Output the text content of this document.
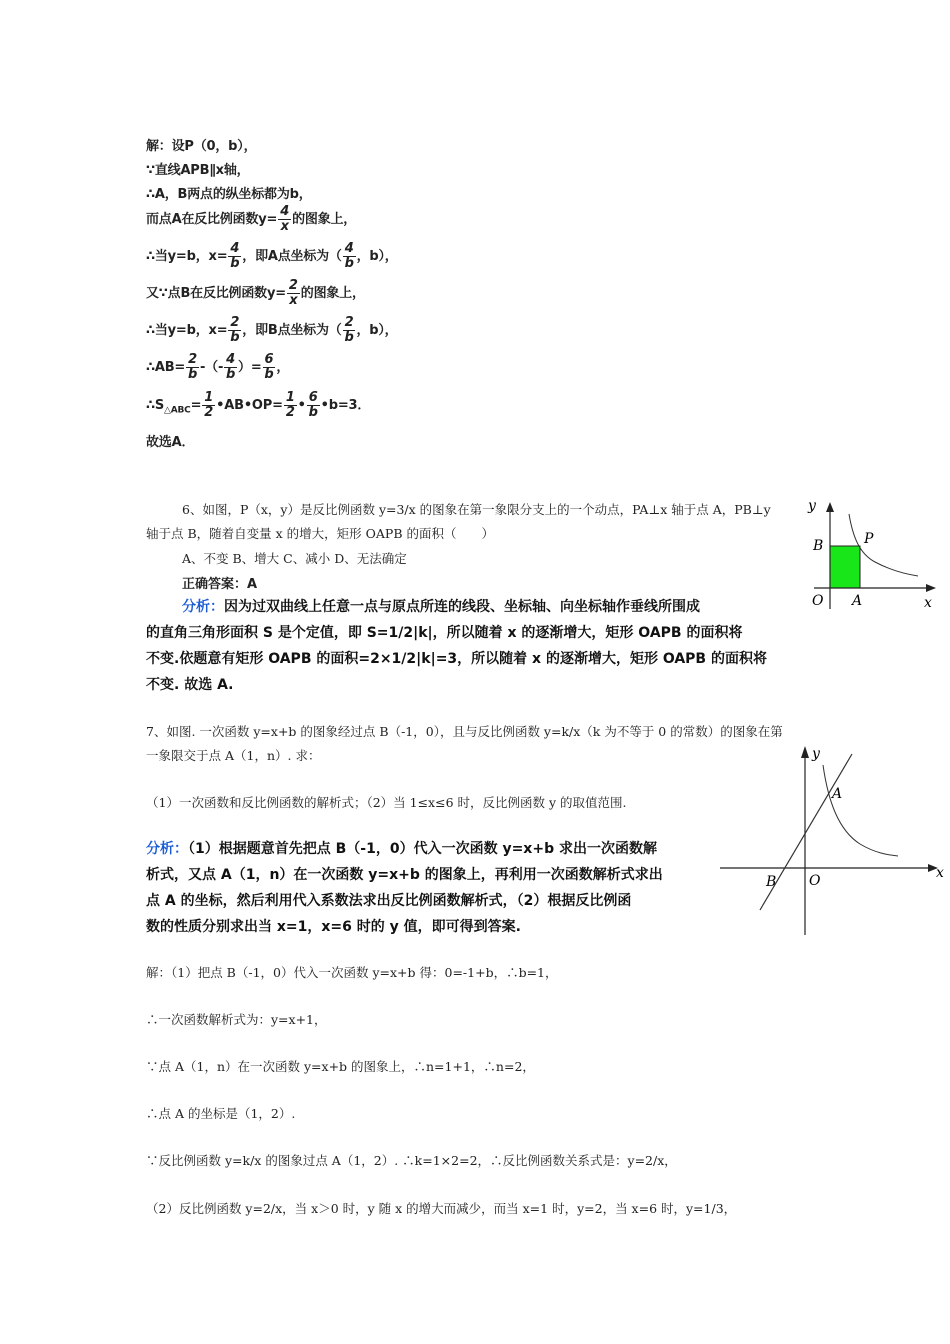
解：设P（0，b），
∵直线APB∥x轴，
∴A，B两点的纵坐标都为b，
而点A在反比例函数$y= \frac{4}{x}$ 的图象上，
∴当y=b，$x= \frac{4}{b}$ ，即A点坐标为（ $\frac{4}{b}$ ，b），
又∵点B在反比例函数$y= \frac{2}{x}$ 的图象上，
∴当y=b，$x= \frac{2}{b}$ ，即B点坐标为（ $\frac{2}{b}$ ，b），
∴AB= $\frac{2}{b}$ -（- $\frac{4}{b}$ ）= $\frac{6}{b}$ ，
$\therefore S_{\triangle ABC}= \frac{1}{2}$ •AB•OP= $\frac{1}{2}$ • $\frac{6}{b}$ •b=3．
故选A．
6、如图，P（x，y）是反比例函数 y=3/x 的图象在第一象限分支上的一个动点，PA⊥x 轴于点 A，PB⊥y
轴于点 B，随着自变量 x 的增大，矩形 OAPB 的面积（　　）
A、不变 B、增大 C、减小 D、无法确定
正确答案：A
分析：因为过双曲线上任意一点与原点所连的线段、坐标轴、向坐标轴作垂线所围成
的直角三角形面积 S 是个定值，即 S=1/2|k|，所以随着 x 的逐渐增大，矩形 OAPB 的面积将
不变.依题意有矩形 OAPB 的面积=2×1/2|k|=3，所以随着 x 的逐渐增大，矩形 OAPB 的面积将
不变. 故选 A.
y
x
B	P
O A
7、如图. 一次函数 y=x+b 的图象经过点 B（-1，0），且与反比例函数 y=k/x（k 为不等于 0 的常数）的图象在第
一象限交于点 A（1，n）. 求：
（1）一次函数和反比例函数的解析式；（2）当 1≤x≤6 时，反比例函数 y 的取值范围.
分析：（1）根据题意首先把点 B（-1，0）代入一次函数 y=x+b 求出一次函数解
析式，又点 A（1，n）在一次函数 y=x+b 的图象上，再利用一次函数解析式求出
点 A 的坐标，然后利用代入系数法求出反比例函数解析式，（2）根据反比例函
数的性质分别求出当 x=1，x=6 时的 y 值，即可得到答案.
y
x
A
B O
解：（1）把点 B（-1，0）代入一次函数 y=x+b 得：0=-1+b，∴b=1，
∴一次函数解析式为：y=x+1，
∵点 A（1，n）在一次函数 y=x+b 的图象上，∴n=1+1，∴n=2，
∴点 A 的坐标是（1，2）.
∵反比例函数 y=k/x 的图象过点 A（1，2）. ∴k=1×2=2，∴反比例函数关系式是：y=2/x，
（2）反比例函数 y=2/x，当 x＞0 时，y 随 x 的增大而减少，而当 x=1 时，y=2，当 x=6 时，y=1/3，
